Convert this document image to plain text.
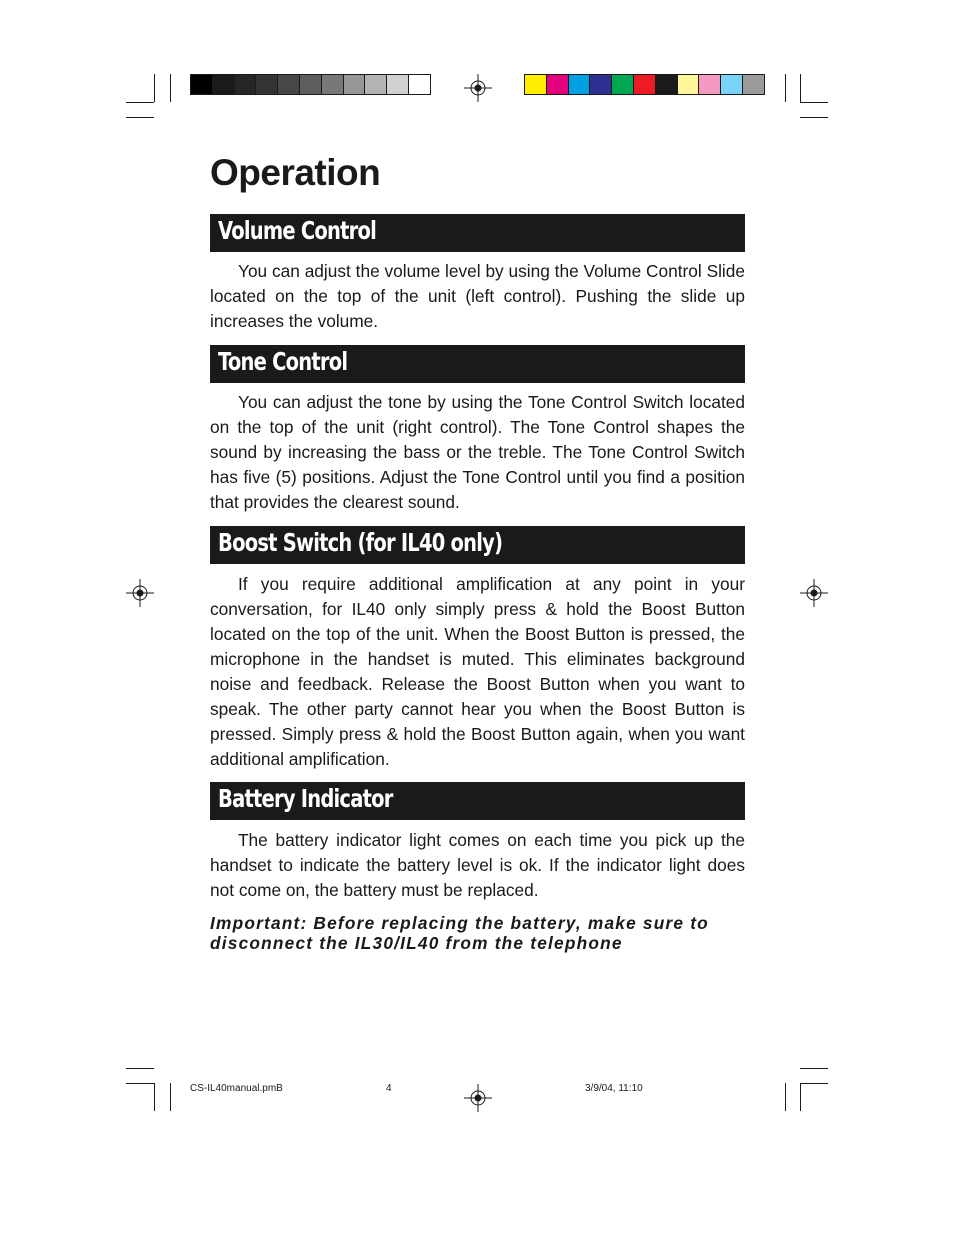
Operation
Volume Control

You can adjust the volume level by using the Volume Control Slide located on the top of the unit (left control). Pushing the slide up increases the volume.

Tone Control

You can adjust the tone by using the Tone Control Switch located on the top of the unit (right control). The Tone Control shapes the sound by increasing the bass or the treble. The Tone Control Switch has five (5) positions. Adjust the Tone Control until you find a position that provides the clearest sound.

Boost Switch (for IL40 only)

If you require additional amplification at any point in your conversation, for IL40 only simply press & hold the Boost Button located on the top of the unit. When the Boost Button is pressed, the microphone in the handset is muted. This eliminates background noise and feedback. Release the Boost Button when you want to speak. The other party cannot hear you when the Boost Button is pressed. Simply press & hold the Boost Button again, when you want additional amplification.

Battery Indicator

The battery indicator light comes on each time you pick up the handset to indicate the battery level is ok. If the indicator light does not come on, the battery must be replaced.

Important: Before replacing the battery, make sure to disconnect the IL30/IL40 from the telephone

CS-IL40manual.pmB	4	3/9/04, 11:10
